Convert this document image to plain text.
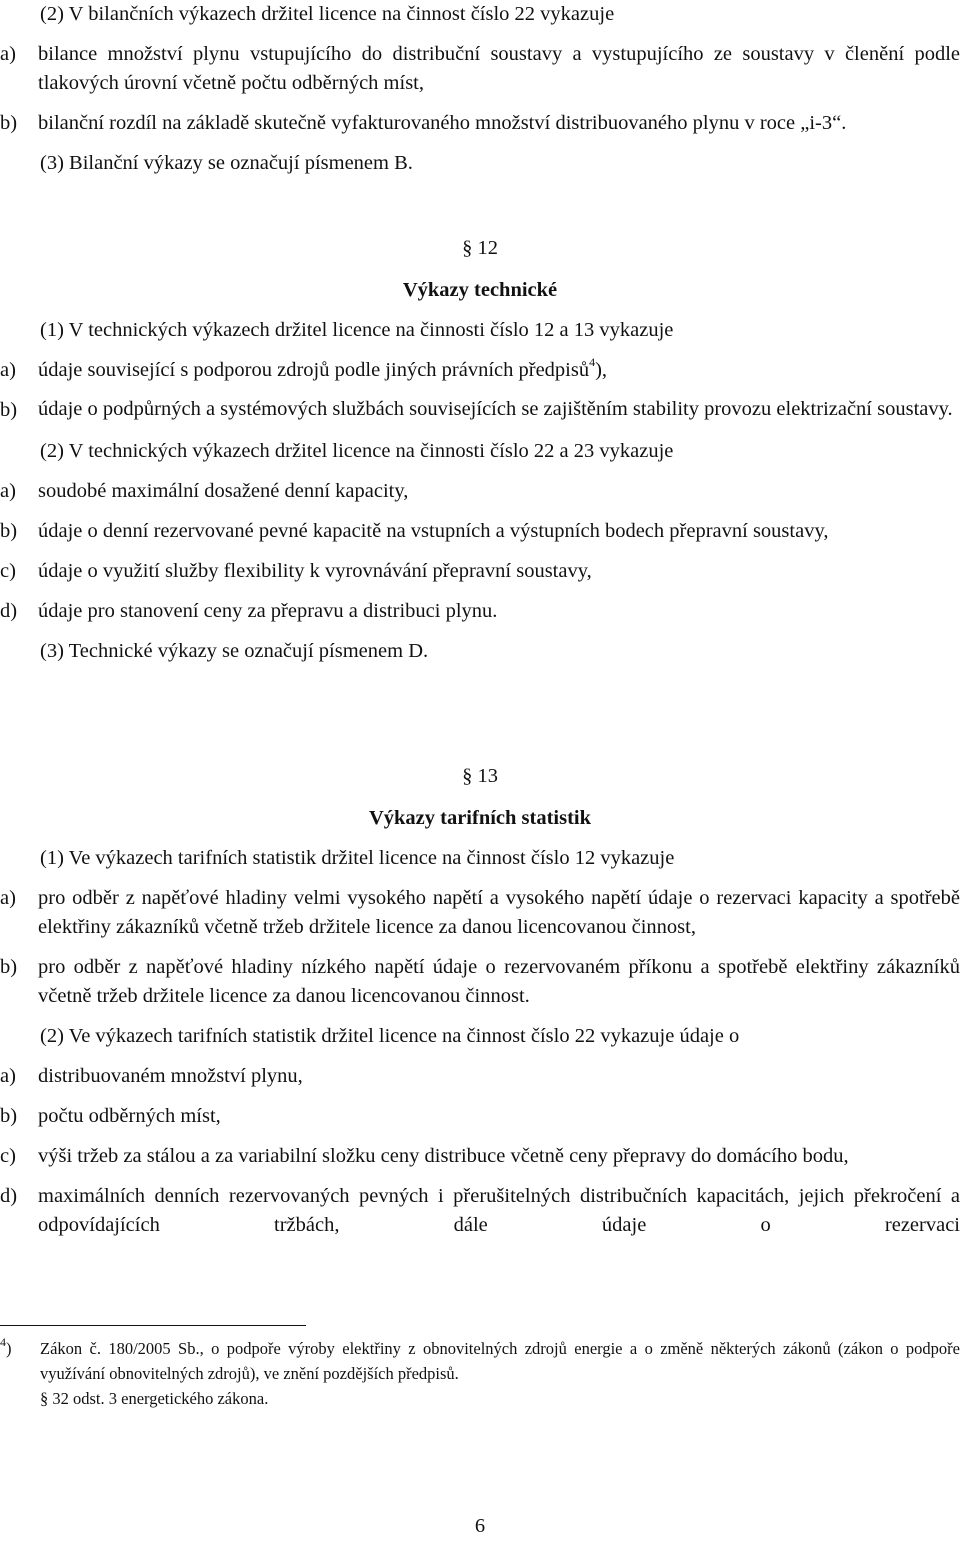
(2) V bilančních výkazech držitel licence na činnost číslo 22 vykazuje

a)	bilance množství plynu vstupujícího do distribuční soustavy a vystupujícího ze soustavy v členění podle tlakových úrovní včetně počtu odběrných míst,
b)	bilanční rozdíl na základě skutečně vyfakturovaného množství distribuovaného plynu v roce „i-3“.

(3) Bilanční výkazy se označují písmenem B.

§ 12

Výkazy technické

(1) V technických výkazech držitel licence na činnosti číslo 12 a 13 vykazuje

a)	údaje související s podporou zdrojů podle jiných právních předpisů$^4$),
b)	údaje o podpůrných a systémových službách souvisejících se zajištěním stability provozu elektrizační soustavy.

(2) V technických výkazech držitel licence na činnosti číslo 22 a 23 vykazuje

a)	soudobé maximální dosažené denní kapacity,
b)	údaje o denní rezervované pevné kapacitě na vstupních a výstupních bodech přepravní soustavy,
c)	údaje o využití služby flexibility k vyrovnávání přepravní soustavy,
d)	údaje pro stanovení ceny za přepravu a distribuci plynu.

(3) Technické výkazy se označují písmenem D.

§ 13

Výkazy tarifních statistik

(1) Ve výkazech tarifních statistik držitel licence na činnost číslo 12 vykazuje

a)	pro odběr z napěťové hladiny velmi vysokého napětí a vysokého napětí údaje o rezervaci kapacity a spotřebě elektřiny zákazníků včetně tržeb držitele licence za danou licencovanou činnost,
b)	pro odběr z napěťové hladiny nízkého napětí údaje o rezervovaném příkonu a spotřebě elektřiny zákazníků včetně tržeb držitele licence za danou licencovanou činnost.

(2) Ve výkazech tarifních statistik držitel licence na činnost číslo 22 vykazuje údaje o

a)	distribuovaném množství plynu,
b)	počtu odběrných míst,
c)	výši tržeb za stálou a za variabilní složku ceny distribuce včetně ceny přepravy do domácího bodu,
d)	maximálních denních rezervovaných pevných i přerušitelných distribučních kapacitách, jejich překročení a odpovídajících tržbách, dále údaje o rezervaci
$^4$)	Zákon č. 180/2005 Sb., o podpoře výroby elektřiny z obnovitelných zdrojů energie a o změně některých zákonů (zákon o podpoře využívání obnovitelných zdrojů), ve znění pozdějších předpisů.
§ 32 odst. 3 energetického zákona.
6
